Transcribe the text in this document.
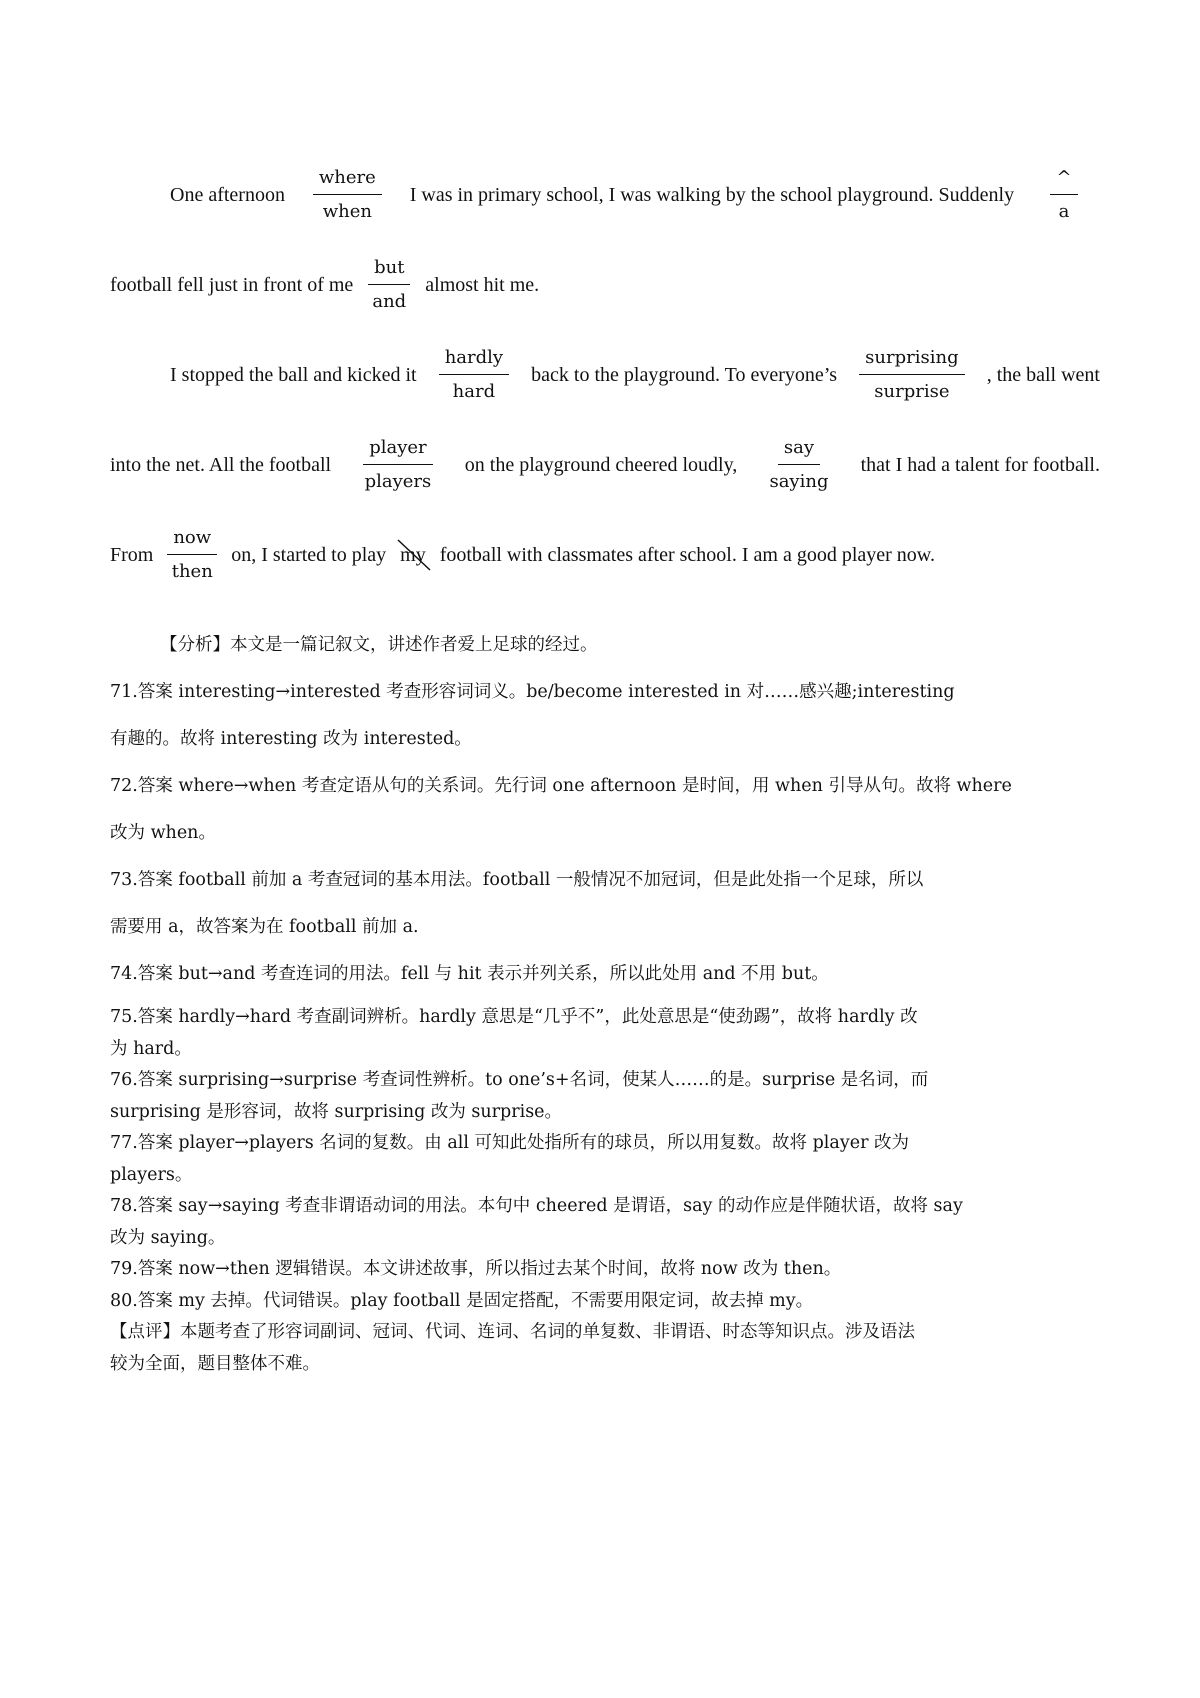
One afternoon
where
when
I was in primary school, I was walking by the school playground. Suddenly
^
a
football fell just in front of me
but
and
almost hit me.
I stopped the ball and kicked it
hardly
hard
back to the playground. To everyone’s
surprising
surprise
, the ball went
into the net. All the football
player
players
on the playground cheered loudly,
say
saying
that I had a talent for football.
From
now
then
on, I started to play my football with classmates after school. I am a good player now.
【分析】本文是一篇记叙文，讲述作者爱上足球的经过。
71.答案 interesting→interested 考查形容词词义。be/become interested in 对……感兴趣;interesting
有趣的。故将 interesting 改为 interested。
72.答案 where→when 考查定语从句的关系词。先行词 one afternoon 是时间，用 when 引导从句。故将 where
改为 when。
73.答案 football 前加 a 考查冠词的基本用法。football 一般情况不加冠词，但是此处指一个足球，所以
需要用 a，故答案为在 football 前加 a.
74.答案 but→and 考查连词的用法。fell 与 hit 表示并列关系，所以此处用 and 不用 but。
75.答案 hardly→hard 考查副词辨析。hardly 意思是“几乎不”，此处意思是“使劲踢”，故将 hardly 改
为 hard。
76.答案 surprising→surprise 考查词性辨析。to one’s+名词，使某人……的是。surprise 是名词，而
surprising 是形容词，故将 surprising 改为 surprise。
77.答案 player→players 名词的复数。由 all 可知此处指所有的球员，所以用复数。故将 player 改为
players。
78.答案 say→saying 考查非谓语动词的用法。本句中 cheered 是谓语，say 的动作应是伴随状语，故将 say
改为 saying。
79.答案 now→then 逻辑错误。本文讲述故事，所以指过去某个时间，故将 now 改为 then。
80.答案 my 去掉。代词错误。play football 是固定搭配，不需要用限定词，故去掉 my。
【点评】本题考查了形容词副词、冠词、代词、连词、名词的单复数、非谓语、时态等知识点。涉及语法
较为全面，题目整体不难。
